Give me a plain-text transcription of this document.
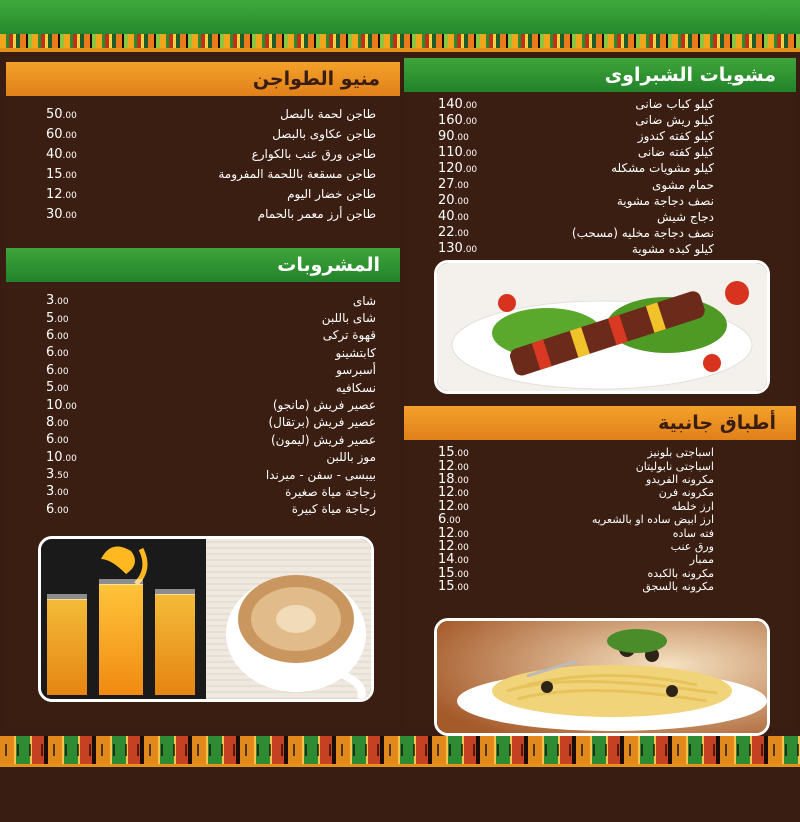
منيو الطواجن
طاجن لحمة بالبصل
50.00
طاجن عكاوى بالبصل
60.00
طاجن ورق عنب بالكوارع
40.00
طاجن مسقعة باللحمة المفرومة
15.00
طاجن خضار اليوم
12.00
طاجن أرز معمر بالحمام
30.00
المشروبات
شاى
3.00
شاى باللبن
5.00
قهوة تركى
6.00
كابتشينو
6.00
أسبرسو
6.00
نسكافيه
5.00
عصير فريش (مانجو)
10.00
عصير فريش (برتقال)
8.00
عصير فريش (ليمون)
6.00
موز باللبن
10.00
بيبسى - سفن - ميرندا
3.50
زجاجة مياة صغيرة
3.00
زجاجة مياة كبيرة
6.00
مشويات الشبراوى
كيلو كباب ضانى
140.00
كيلو ريش ضانى
160.00
كيلو كفته كندوز
90.00
كيلو كفته ضانى
110.00
كيلو مشويات مشكله
120.00
حمام مشوى
27.00
نصف دجاجة مشوية
20.00
دجاج شيش
40.00
نصف دجاجة مخليه (مسحب)
22.00
كيلو كبده مشوية
130.00
أطباق جانبية
اسباجتى بلونيز
15.00
اسباجتى نابوليتان
12.00
مكرونه الفريدو
18.00
مكرونه فرن
12.00
ارز خلطه
12.00
ارز ابيض ساده او بالشعريه
6.00
فته ساده
12.00
ورق عنب
12.00
ممبار
14.00
مكرونه بالكبده
15.00
مكرونه بالسجق
15.00
